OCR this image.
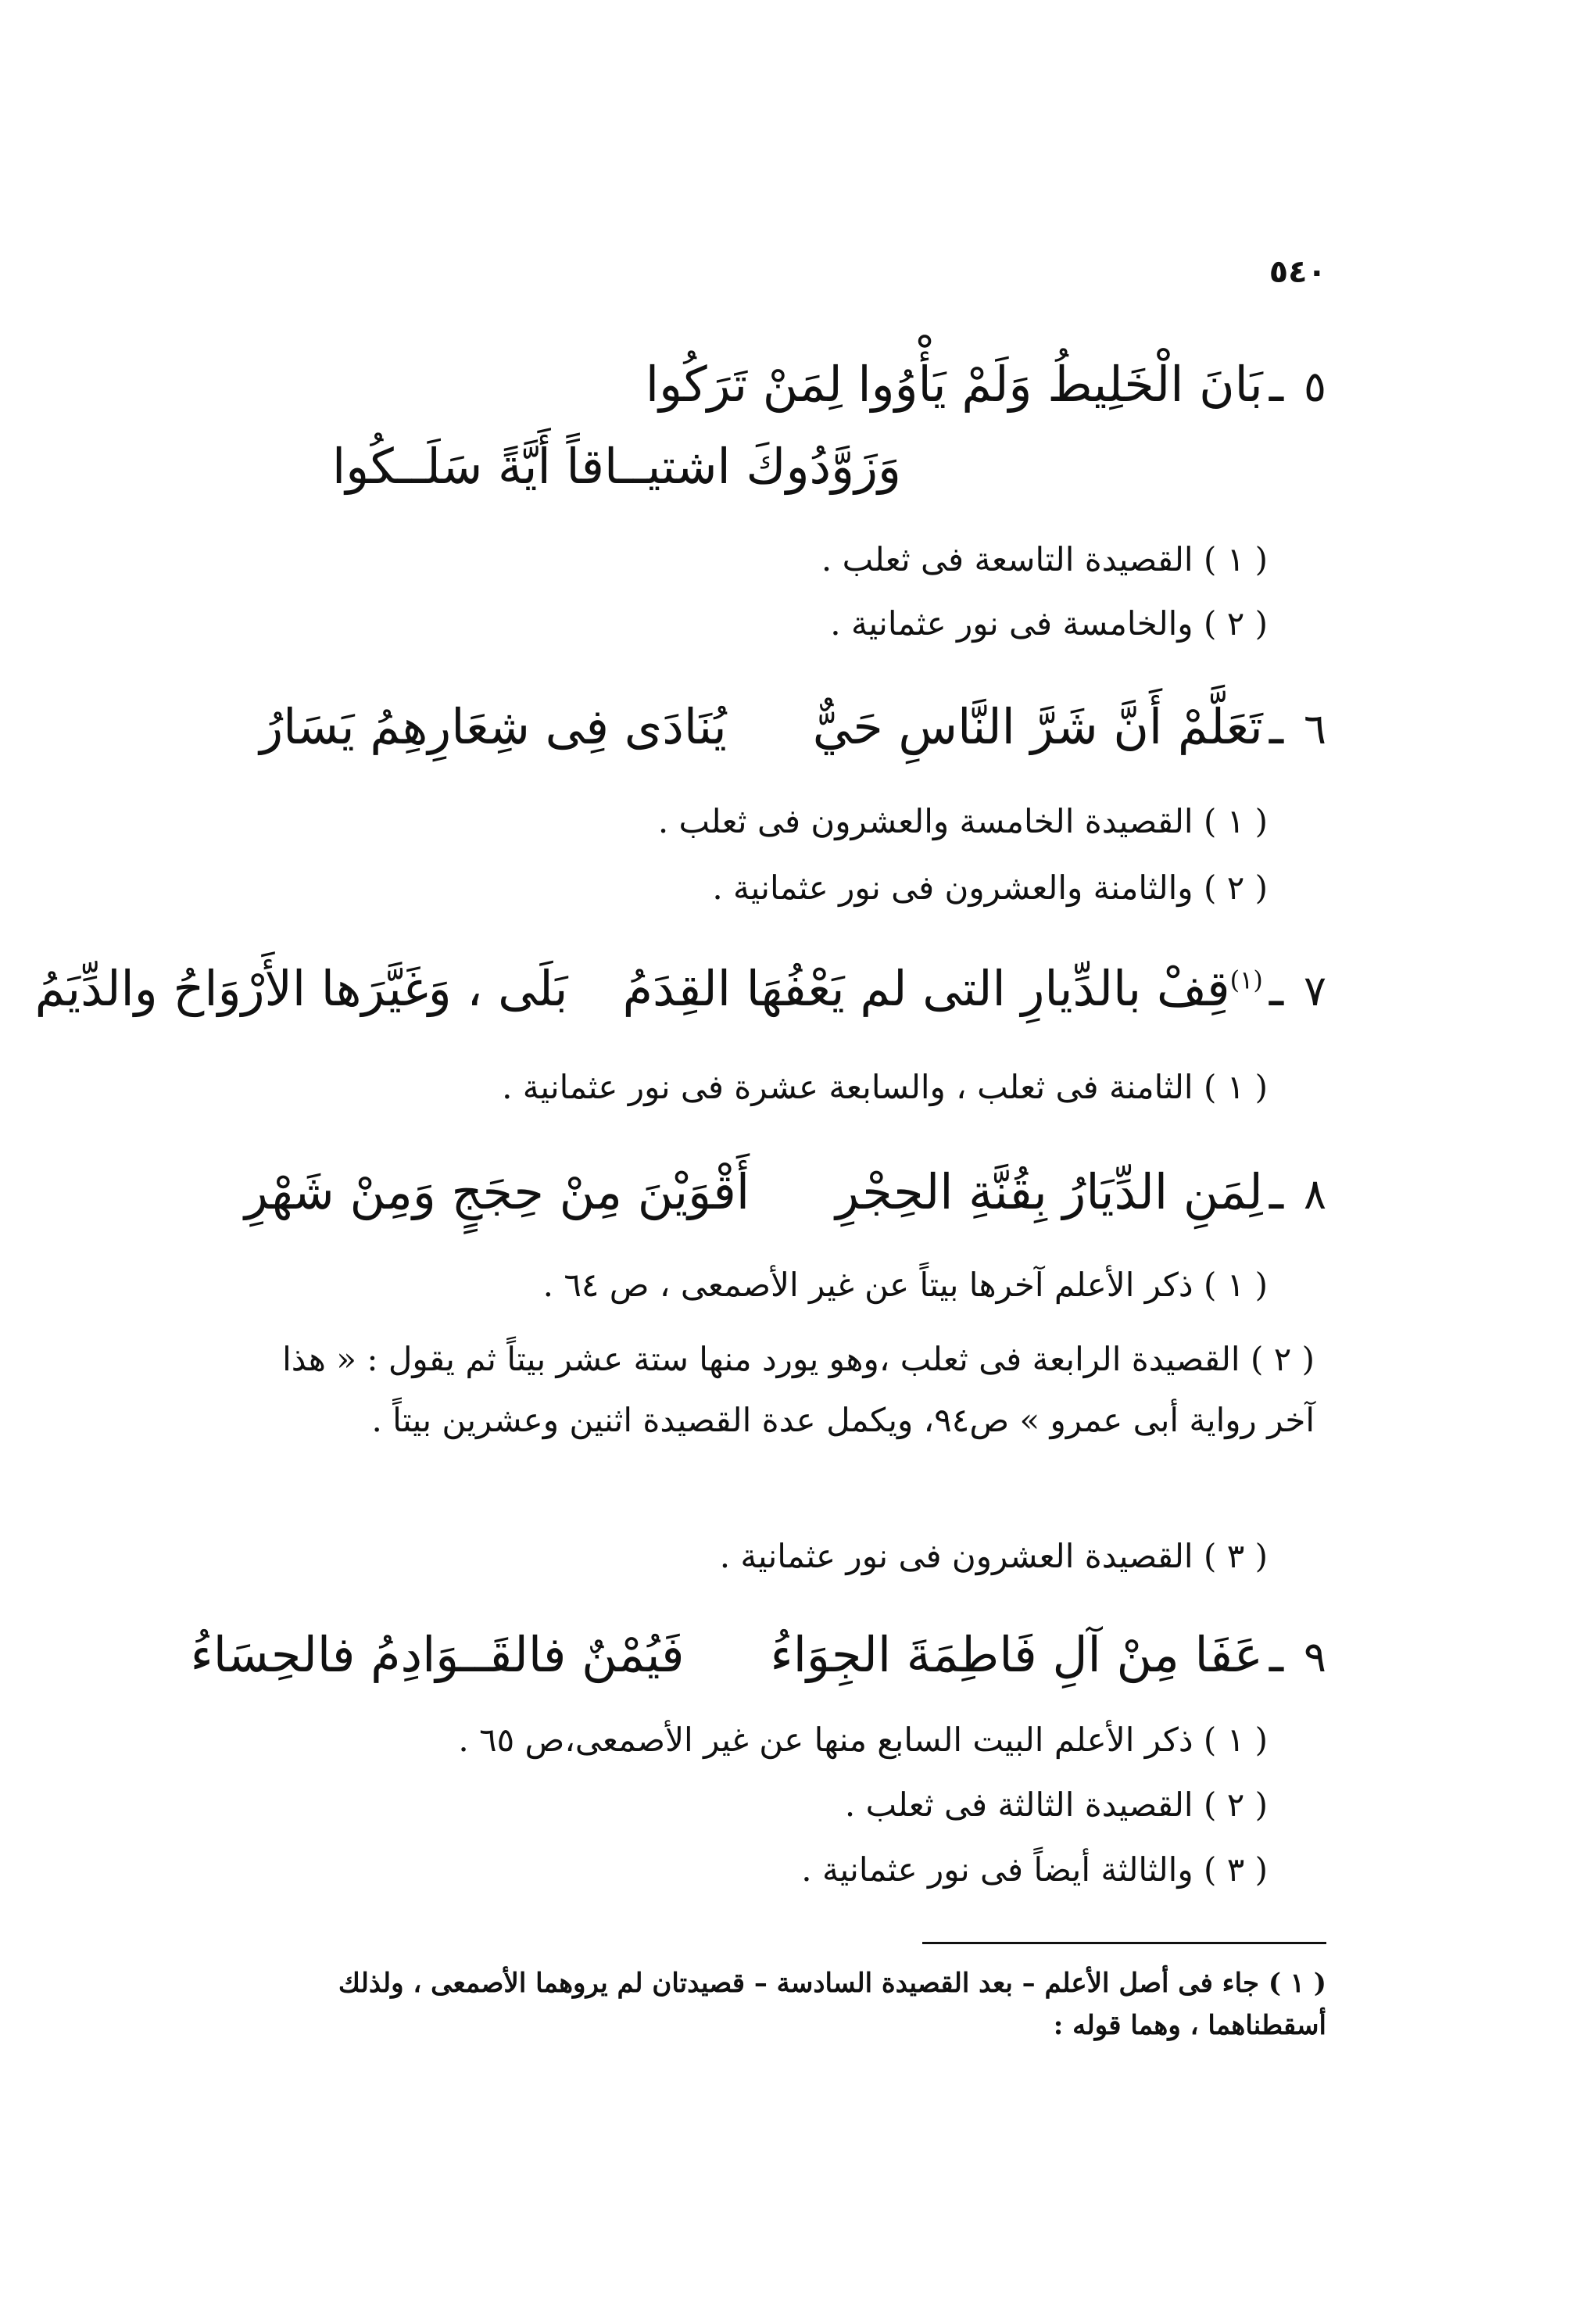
٥٤٠
٥ـبَانَ الْخَلِيطُ وَلَمْ يَأْوُوا لِمَنْ تَرَكُوا
وَزَوَّدُوكَ اشتيــاقاً أَيَّةً سَلَــكُوا
( ١ ) القصيدة التاسعة فى ثعلب .
( ٢ ) والخامسة فى نور عثمانية .
٦ـتَعَلَّمْ أَنَّ شَرَّ النَّاسِ حَيٌّيُنَادَى فِى شِعَارِهِمُ يَسَارُ
( ١ ) القصيدة الخامسة والعشرون فى ثعلب .
( ٢ ) والثامنة والعشرون فى نور عثمانية .
٧ـ$^{(١)}$قِفْ بالدِّيارِ التى لم يَعْفُهَا القِدَمُبَلَى ، وَغَيَّرَها الأَرْوَاحُ والدِّيَمُ
( ١ ) الثامنة فى ثعلب ، والسابعة عشرة فى نور عثمانية .
٨ـلِمَنِ الدِّيَارُ بِقُنَّةِ الحِجْرِأَقْوَيْنَ مِنْ حِجَجٍ وَمِنْ شَهْرِ
( ١ ) ذكر الأعلم آخرها بيتاً عن غير الأصمعى ، ص ٦٤ .
( ٢ ) القصيدة الرابعة فى ثعلب ،وهو يورد منها ستة عشر بيتاً ثم يقول : « هذا آخر رواية أبى عمرو » ص٩٤، ويكمل عدة القصيدة اثنين وعشرين بيتاً .
( ٣ ) القصيدة العشرون فى نور عثمانية .
٩ـعَفَا مِنْ آلِ فَاطِمَةَ الجِوَاءُفَيُمْنٌ فالقَــوَادِمُ فالحِسَاءُ
( ١ ) ذكر الأعلم البيت السابع منها عن غير الأصمعى،ص ٦٥ .
( ٢ ) القصيدة الثالثة فى ثعلب .
( ٣ ) والثالثة أيضاً فى نور عثمانية .
( ١ ) جاء فى أصل الأعلم – بعد القصيدة السادسة – قصيدتان لم يروهما الأصمعى ، ولذلك أسقطناهما ، وهما قوله :
